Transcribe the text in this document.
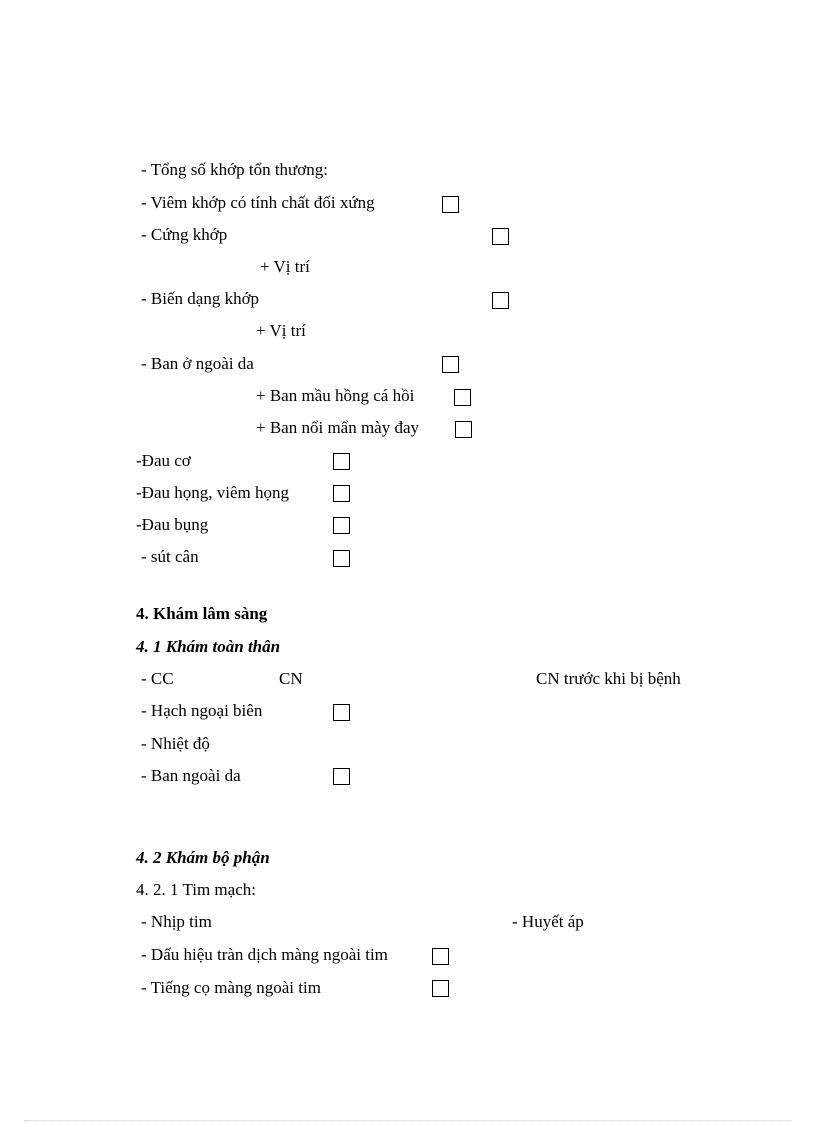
- Tổng số khớp tổn thương:
- Viêm khớp có tính chất đối xứng
- Cứng khớp
+ Vị trí
- Biến dạng khớp
+ Vị trí
- Ban ở ngoài da
+ Ban mầu hồng cá hồi
+ Ban nổi mẩn mày đay
-Đau cơ
-Đau họng, viêm họng
-Đau bụng
- sút cân
4. Khám lâm sàng
4. 1 Khám toàn thân
- CC	CN	CN trước khi bị bệnh
- Hạch ngoại biên
- Nhiệt độ
- Ban ngoài da
4. 2 Khám bộ phận
4. 2. 1 Tim mạch:
- Nhịp tim	- Huyết áp
- Dấu hiệu tràn dịch màng ngoài tim
- Tiếng cọ màng ngoài tim
